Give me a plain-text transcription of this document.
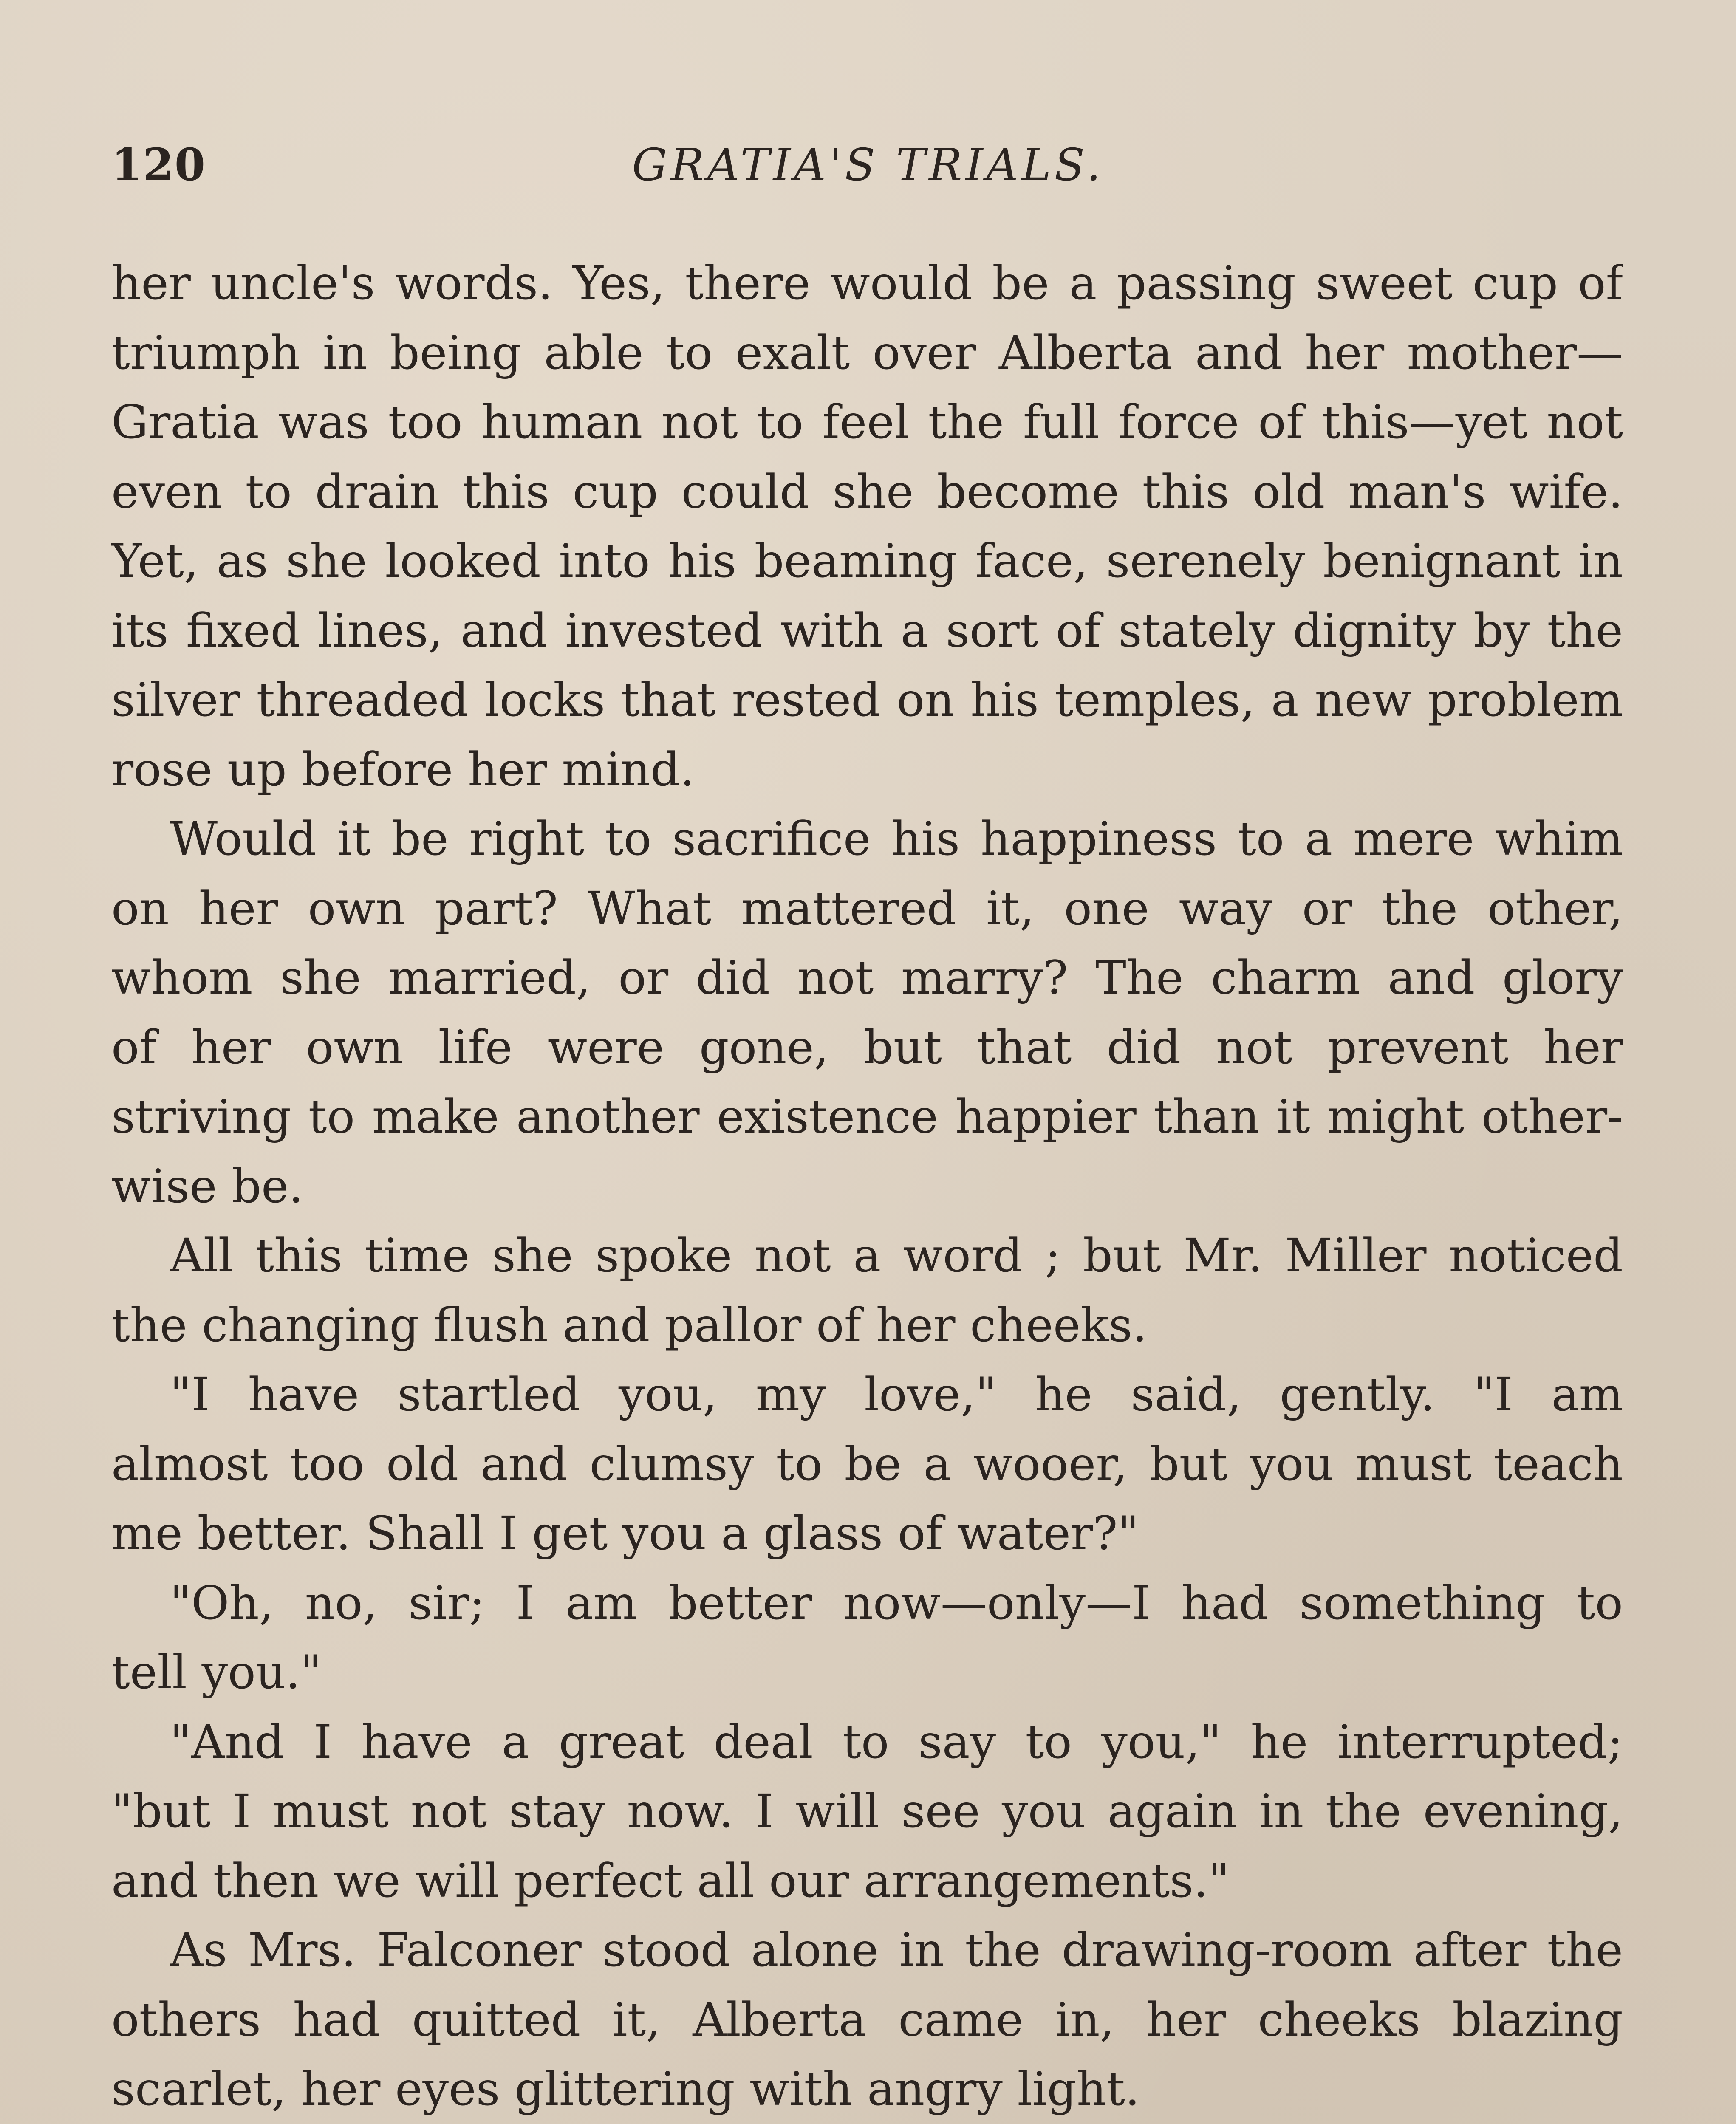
120	GRATIA'S TRIALS.
her uncle's words. Yes, there would be a passing sweet cup of
triumph in being able to exalt over Alberta and her mother—
Gratia was too human not to feel the full force of this—yet not
even to drain this cup could she become this old man's wife.
Yet, as she looked into his beaming face, serenely benignant in
its fixed lines, and invested with a sort of stately dignity by the
silver threaded locks that rested on his temples, a new problem
rose up before her mind.
Would it be right to sacrifice his happiness to a mere whim
on her own part? What mattered it, one way or the other,
whom she married, or did not marry? The charm and glory
of her own life were gone, but that did not prevent her
striving to make another existence happier than it might other-
wise be.
All this time she spoke not a word ; but Mr. Miller noticed
the changing flush and pallor of her cheeks.
"I have startled you, my love," he said, gently. "I am
almost too old and clumsy to be a wooer, but you must teach
me better. Shall I get you a glass of water?"
"Oh, no, sir; I am better now—only—I had something to
tell you."
"And I have a great deal to say to you," he interrupted;
"but I must not stay now. I will see you again in the evening,
and then we will perfect all our arrangements."
As Mrs. Falconer stood alone in the drawing-room after the
others had quitted it, Alberta came in, her cheeks blazing
scarlet, her eyes glittering with angry light.
